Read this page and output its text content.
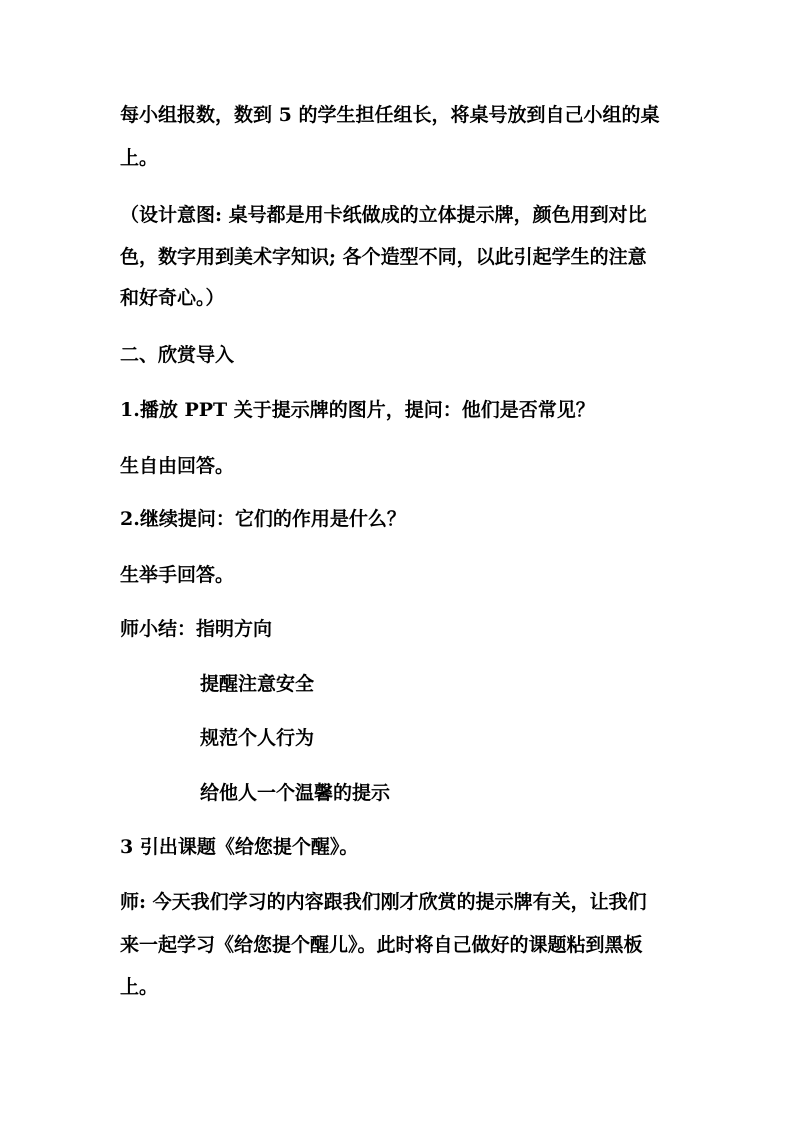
每小组报数，数到 5 的学生担任组长，将桌号放到自己小组的桌
上。
（设计意图: 桌号都是用卡纸做成的立体提示牌，颜色用到对比
色，数字用到美术字知识; 各个造型不同，以此引起学生的注意
和好奇心。）
二、欣赏导入
1.播放 PPT 关于提示牌的图片，提问：他们是否常见？
生自由回答。
2.继续提问：它们的作用是什么？
生举手回答。
师小结：指明方向
提醒注意安全
规范个人行为
给他人一个温馨的提示
3 引出课题《给您提个醒》。
师: 今天我们学习的内容跟我们刚才欣赏的提示牌有关，让我们
来一起学习《给您提个醒儿》。此时将自己做好的课题粘到黑板
上。
